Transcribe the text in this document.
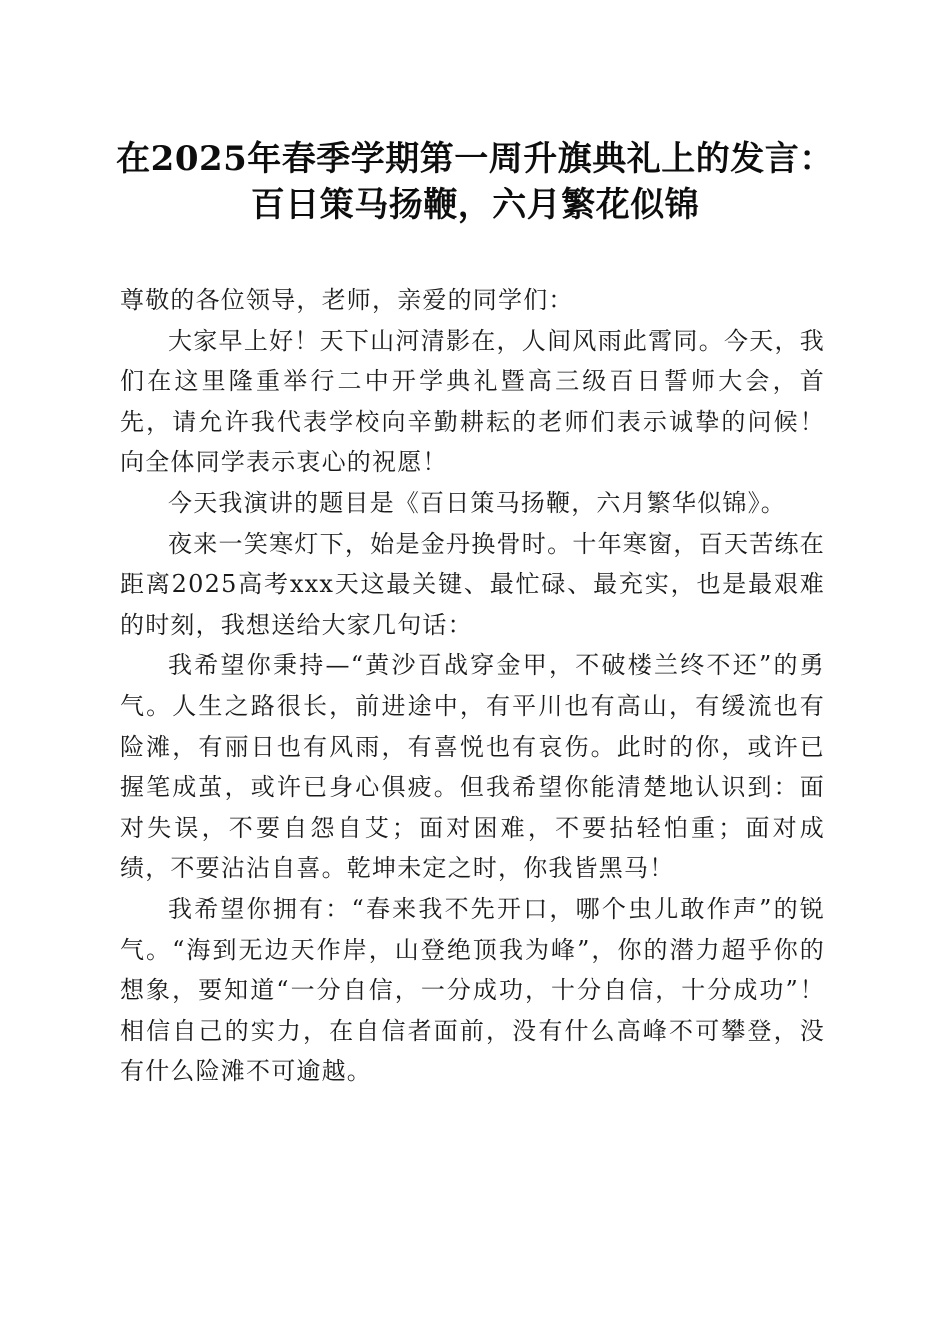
在2025年春季学期第一周升旗典礼上的发言：
百日策马扬鞭，六月繁花似锦

尊敬的各位领导，老师，亲爱的同学们：

大家早上好！天下山河清影在，人间风雨此霄同。今天，我们在这里隆重举行二中开学典礼暨高三级百日誓师大会，首先，请允许我代表学校向辛勤耕耘的老师们表示诚挚的问候！向全体同学表示衷心的祝愿！

今天我演讲的题目是《百日策马扬鞭，六月繁华似锦》。

夜来一笑寒灯下，始是金丹换骨时。十年寒窗，百天苦练在距离2025高考xxx天这最关键、最忙碌、最充实，也是最艰难的时刻，我想送给大家几句话：

我希望你秉持—“黄沙百战穿金甲，不破楼兰终不还”的勇气。人生之路很长，前进途中，有平川也有高山，有缓流也有险滩，有丽日也有风雨，有喜悦也有哀伤。此时的你，或许已握笔成茧，或许已身心俱疲。但我希望你能清楚地认识到：面对失误，不要自怨自艾；面对困难，不要拈轻怕重；面对成绩，不要沾沾自喜。乾坤未定之时，你我皆黑马！

我希望你拥有：“春来我不先开口，哪个虫儿敢作声”的锐气。“海到无边天作岸，山登绝顶我为峰”，你的潜力超乎你的想象，要知道“一分自信，一分成功，十分自信，十分成功”！相信自己的实力，在自信者面前，没有什么高峰不可攀登，没有什么险滩不可逾越。
